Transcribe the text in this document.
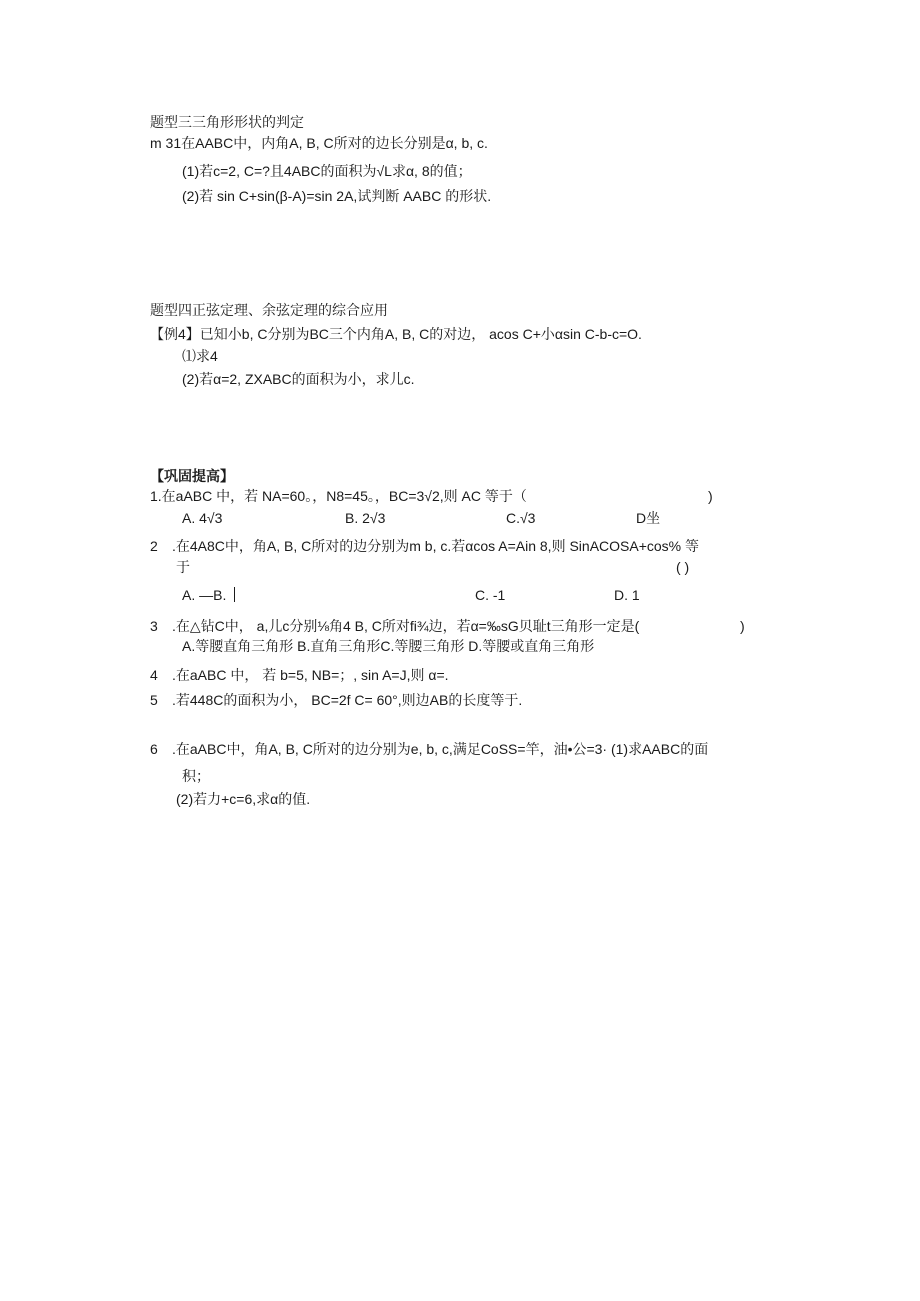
题型三三角形形状的判定
m 31在AABC中，内角A, B, C所对的边长分别是α, b, c.
(1)若c=2, C=?且4ABC的面积为√L求α, 8的值；
(2)若 sin C+sin(β-A)=sin 2A,试判断 AABC 的形状.
题型四正弦定理、余弦定理的综合应用
【例4】已知小b, C分别为BC三个内角A, B, C的对边， acos C+小αsin C-b-c=O.
⑴求4
(2)若α=2, ZXABC的面积为小，求儿c.
【巩固提高】
1.在aABC 中，若 NA=60。，N8=45。，BC=3√2,则 AC 等于（	)
A. 4√3	B. 2√3	C.√3	D坐
2 .在4A8C中，角A, B, C所对的边分别为m b, c.若αcos A=Ain 8,则 SinACOSA+cos% 等
于	( )
A. —B.	C. -1	D. 1
3 .在△钻C中， a,儿c分别⅛角4 B, C所对fi¾边，若α=‰sG贝耻t三角形一定是(	)
A.等腰直角三角形 B.直角三角形C.等腰三角形 D.等腰或直角三角形
4 .在aABC 中， 若 b=5, NB=；, sin A=J,则 α=.
5 .若448C的面积为小， BC=2f C= 60°,则边AB的长度等于.
6 .在aABC中，角A, B, C所对的边分别为e, b, c,满足CoSS=竿，油•公=3· (1)求AABC的面
积；
(2)若力+c=6,求α的值.
